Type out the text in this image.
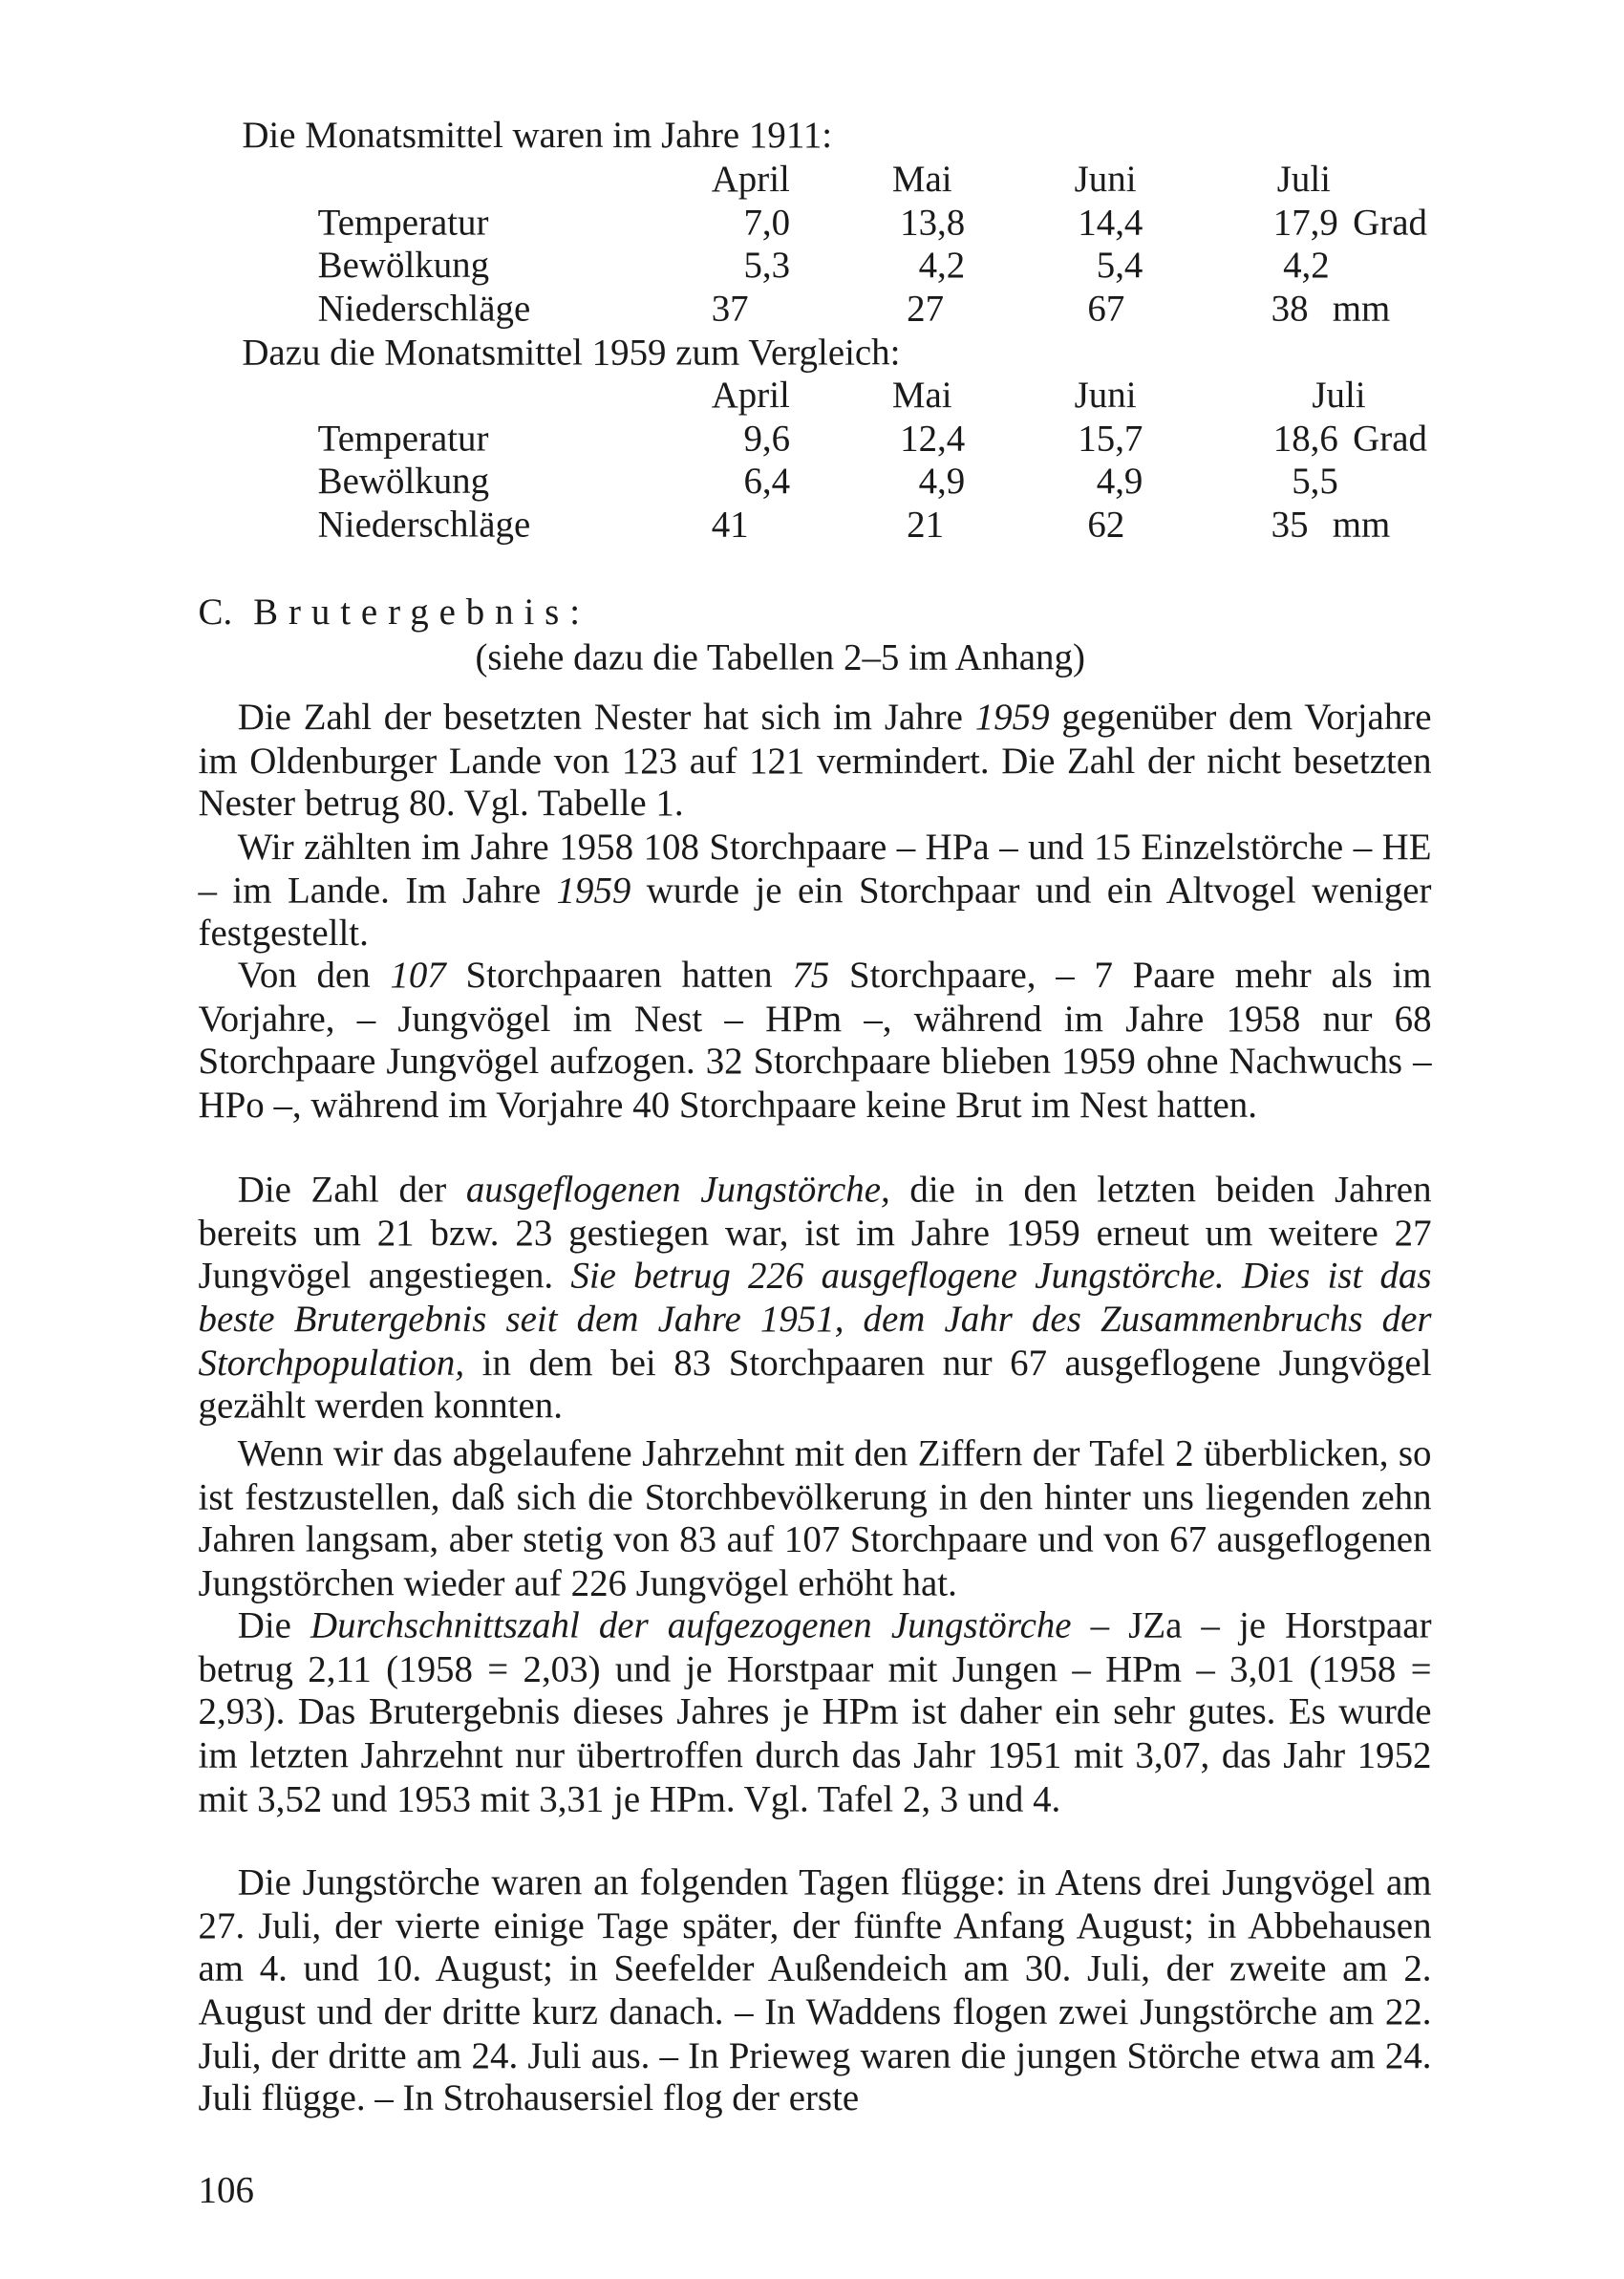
Die Monatsmittel waren im Jahre 1911:
April	Mai	Juni	Juli
Temperatur	7,0	13,8	14,4	17,9 Grad
Bewölkung	5,3	4,2	5,4	4,2
Niederschläge	37	27	67	38 mm
Dazu die Monatsmittel 1959 zum Vergleich:
April	Mai	Juni	Juli
Temperatur	9,6	12,4	15,7	18,6 Grad
Bewölkung	6,4	4,9	4,9	5,5
Niederschläge	41	21	62	35 mm
C. Brutergebnis:
(siehe dazu die Tabellen 2–5 im Anhang)
Die Zahl der besetzten Nester hat sich im Jahre 1959 gegenüber dem Vorjahre im Oldenburger Lande von 123 auf 121 vermindert. Die Zahl der nicht besetzten Nester betrug 80. Vgl. Tabelle 1.
Wir zählten im Jahre 1958 108 Storchpaare – HPa – und 15 Einzelstörche – HE – im Lande. Im Jahre 1959 wurde je ein Storchpaar und ein Altvogel weniger festgestellt.
Von den 107 Storchpaaren hatten 75 Storchpaare, – 7 Paare mehr als im Vorjahre, – Jungvögel im Nest – HPm –, während im Jahre 1958 nur 68 Storchpaare Jungvögel aufzogen. 32 Storchpaare blieben 1959 ohne Nachwuchs – HPo –, während im Vorjahre 40 Storchpaare keine Brut im Nest hatten.
Die Zahl der ausgeflogenen Jungstörche, die in den letzten beiden Jahren bereits um 21 bzw. 23 gestiegen war, ist im Jahre 1959 erneut um weitere 27 Jungvögel angestiegen. Sie betrug 226 ausgeflogene Jungstörche. Dies ist das beste Brutergebnis seit dem Jahre 1951, dem Jahr des Zusammenbruchs der Storchpopulation, in dem bei 83 Storchpaaren nur 67 ausgeflogene Jungvögel gezählt werden konnten.
Wenn wir das abgelaufene Jahrzehnt mit den Ziffern der Tafel 2 überblicken, so ist festzustellen, daß sich die Storchbevölkerung in den hinter uns liegenden zehn Jahren langsam, aber stetig von 83 auf 107 Storchpaare und von 67 ausgeflogenen Jungstörchen wieder auf 226 Jungvögel erhöht hat.
Die Durchschnittszahl der aufgezogenen Jungstörche – JZa – je Horstpaar betrug 2,11 (1958 = 2,03) und je Horstpaar mit Jungen – HPm – 3,01 (1958 = 2,93). Das Brutergebnis dieses Jahres je HPm ist daher ein sehr gutes. Es wurde im letzten Jahrzehnt nur übertroffen durch das Jahr 1951 mit 3,07, das Jahr 1952 mit 3,52 und 1953 mit 3,31 je HPm. Vgl. Tafel 2, 3 und 4.
Die Jungstörche waren an folgenden Tagen flügge: in Atens drei Jungvögel am 27. Juli, der vierte einige Tage später, der fünfte Anfang August; in Abbehausen am 4. und 10. August; in Seefelder Außendeich am 30. Juli, der zweite am 2. August und der dritte kurz danach. – In Waddens flogen zwei Jungstörche am 22. Juli, der dritte am 24. Juli aus. – In Prieweg waren die jungen Störche etwa am 24. Juli flügge. – In Strohausersiel flog der erste
106
